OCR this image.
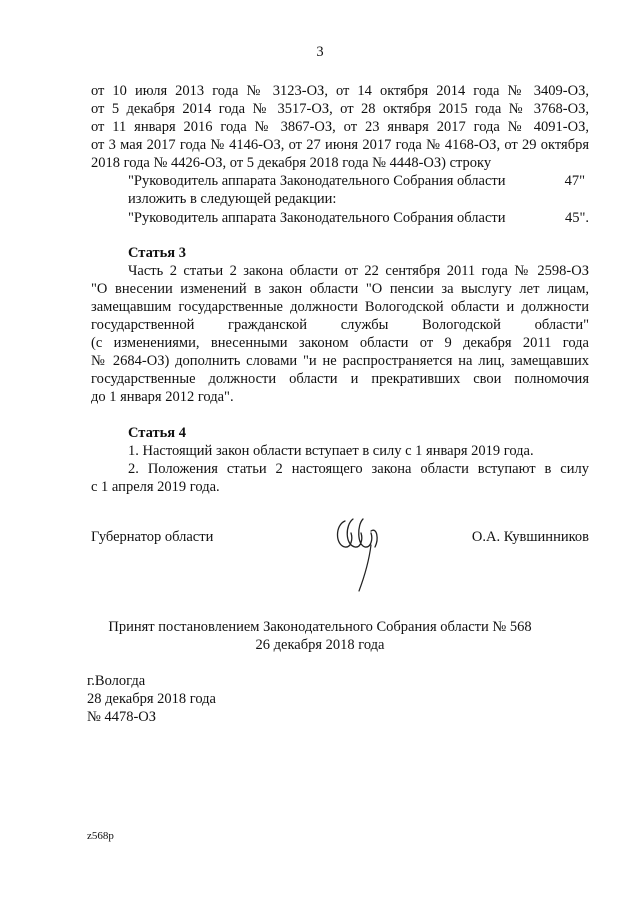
3
от 10 июля 2013 года № 3123-ОЗ, от 14 октября 2014 года № 3409-ОЗ,
от 5 декабря 2014 года № 3517-ОЗ, от 28 октября 2015 года № 3768-ОЗ,
от 11 января 2016 года № 3867-ОЗ, от 23 января 2017 года № 4091-ОЗ,
от 3 мая 2017 года № 4146-ОЗ, от 27 июня 2017 года № 4168-ОЗ, от 29 октября
2018 года № 4426-ОЗ, от 5 декабря 2018 года № 4448-ОЗ) строку
"Руководитель аппарата Законодательного Собрания области	47"
изложить в следующей редакции:
"Руководитель аппарата Законодательного Собрания области	45".
Статья 3
Часть 2 статьи 2 закона области от 22 сентября 2011 года № 2598-ОЗ
"О внесении изменений в закон области "О пенсии за выслугу лет лицам,
замещавшим государственные должности Вологодской области и должности
государственной гражданской службы Вологодской области"
(с изменениями, внесенными законом области от 9 декабря 2011 года
№ 2684-ОЗ) дополнить словами "и не распространяется на лиц, замещавших
государственные должности области и прекративших свои полномочия
до 1 января 2012 года".
Статья 4
1. Настоящий закон области вступает в силу с 1 января 2019 года.
2. Положения статьи 2 настоящего закона области вступают в силу
с 1 апреля 2019 года.
Губернатор области	О.А. Кувшинников
Принят постановлением Законодательного Собрания области № 568
26 декабря 2018 года
г.Вологда
28 декабря 2018 года
№ 4478-ОЗ
z568p
